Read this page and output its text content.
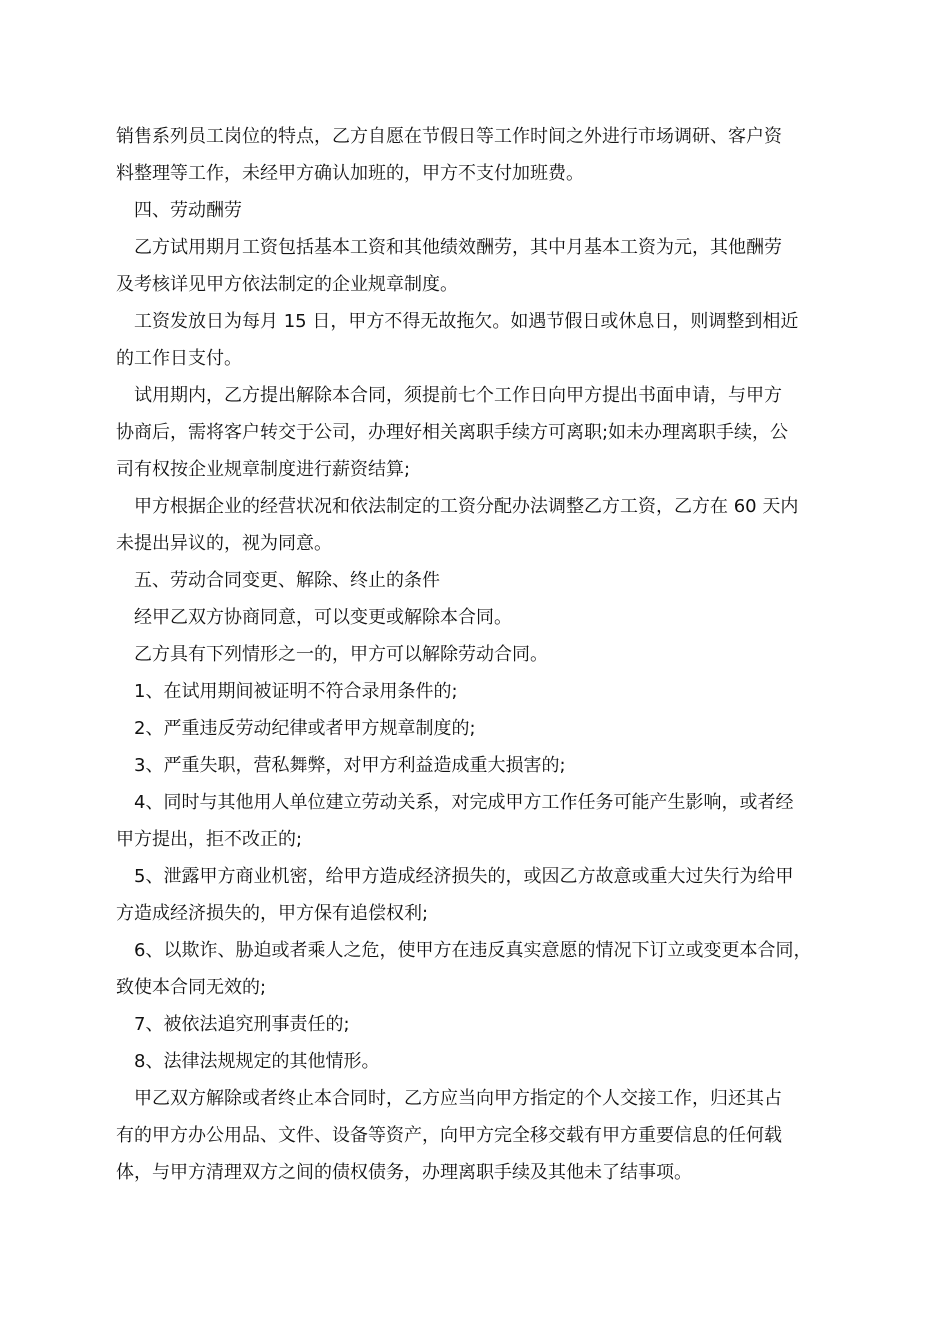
销售系列员工岗位的特点，乙方自愿在节假日等工作时间之外进行市场调研、客户资
料整理等工作，未经甲方确认加班的，甲方不支付加班费。
四、劳动酬劳
乙方试用期月工资包括基本工资和其他绩效酬劳，其中月基本工资为元，其他酬劳
及考核详见甲方依法制定的企业规章制度。
工资发放日为每月 15 日，甲方不得无故拖欠。如遇节假日或休息日，则调整到相近
的工作日支付。
试用期内，乙方提出解除本合同，须提前七个工作日向甲方提出书面申请，与甲方
协商后，需将客户转交于公司，办理好相关离职手续方可离职;如未办理离职手续，公
司有权按企业规章制度进行薪资结算;
甲方根据企业的经营状况和依法制定的工资分配办法调整乙方工资，乙方在 60 天内
未提出异议的，视为同意。
五、劳动合同变更、解除、终止的条件
经甲乙双方协商同意，可以变更或解除本合同。
乙方具有下列情形之一的，甲方可以解除劳动合同。
1、在试用期间被证明不符合录用条件的;
2、严重违反劳动纪律或者甲方规章制度的;
3、严重失职，营私舞弊，对甲方利益造成重大损害的;
4、同时与其他用人单位建立劳动关系，对完成甲方工作任务可能产生影响，或者经
甲方提出，拒不改正的;
5、泄露甲方商业机密，给甲方造成经济损失的，或因乙方故意或重大过失行为给甲
方造成经济损失的，甲方保有追偿权利;
6、以欺诈、胁迫或者乘人之危，使甲方在违反真实意愿的情况下订立或变更本合同，
致使本合同无效的;
7、被依法追究刑事责任的;
8、法律法规规定的其他情形。
甲乙双方解除或者终止本合同时，乙方应当向甲方指定的个人交接工作，归还其占
有的甲方办公用品、文件、设备等资产，向甲方完全移交载有甲方重要信息的任何载
体，与甲方清理双方之间的债权债务，办理离职手续及其他未了结事项。
